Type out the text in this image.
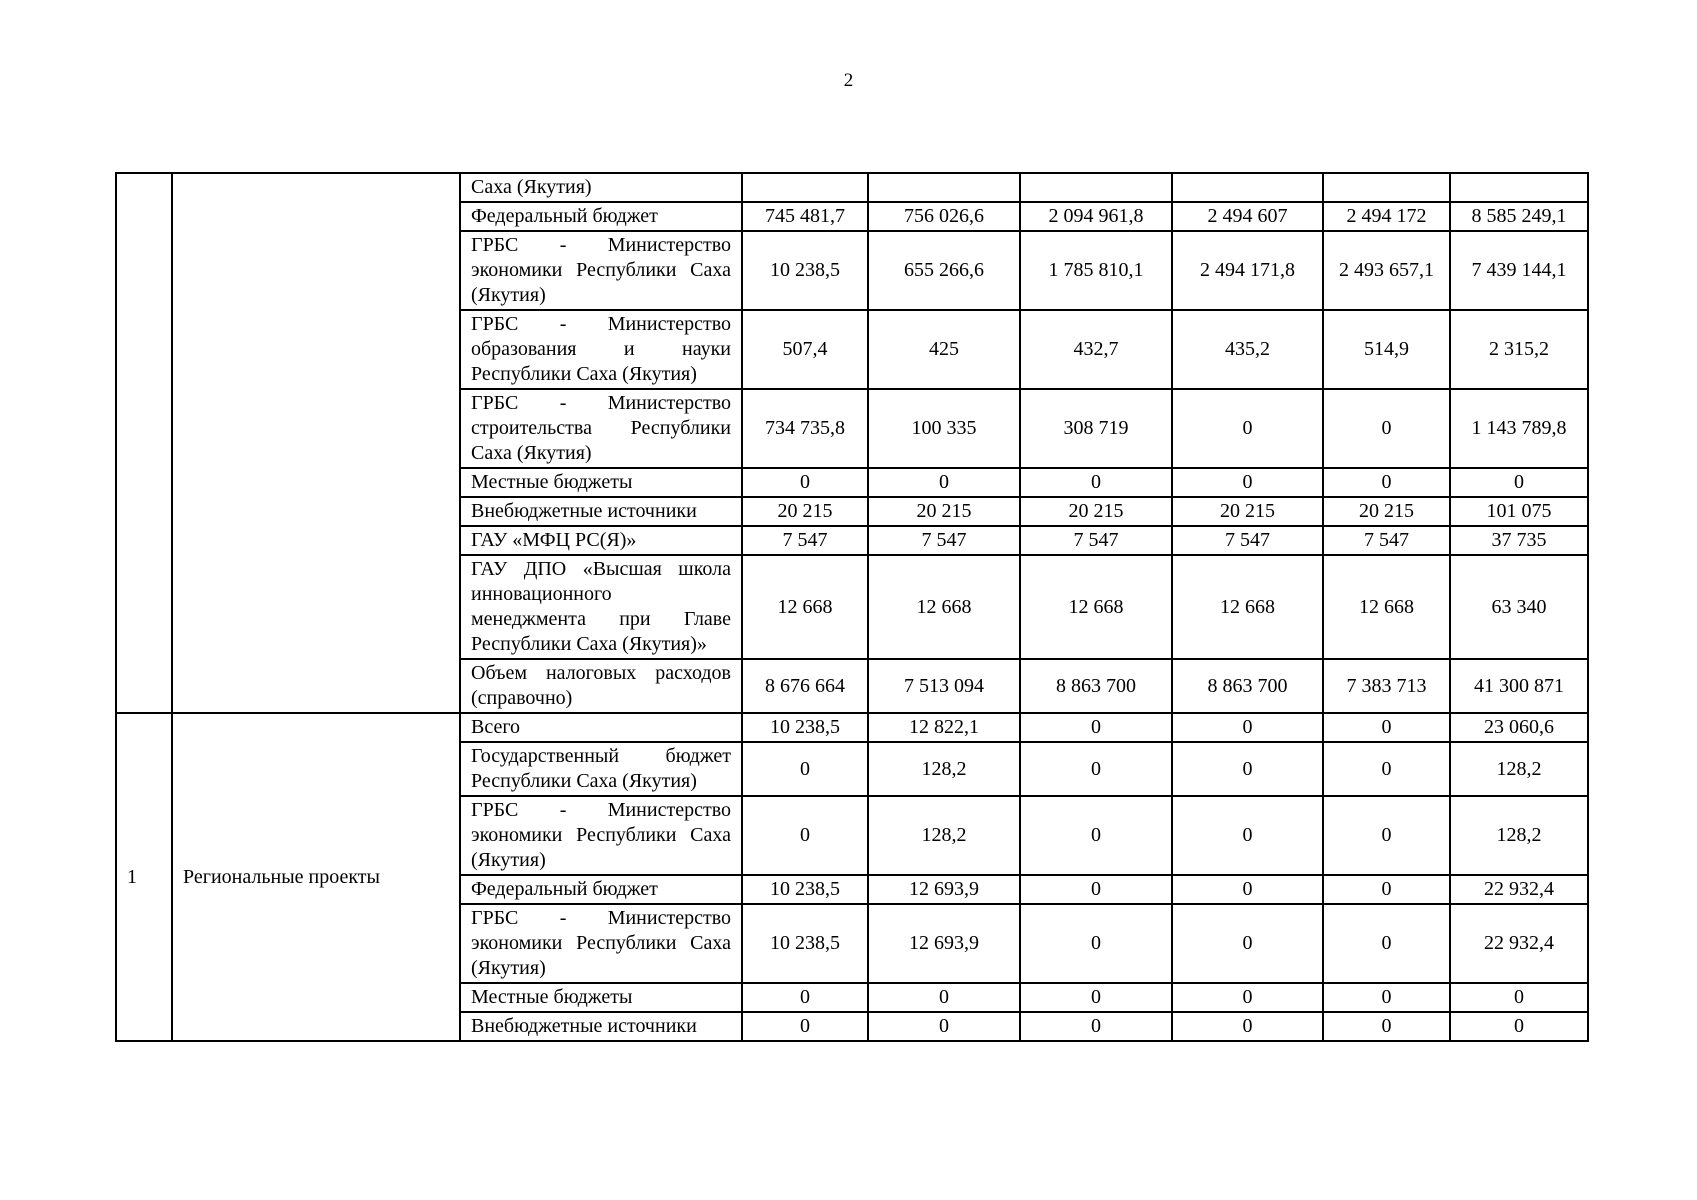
2
		Саха (Якутия)						
		Федеральный бюджет	745 481,7	756 026,6	2 094 961,8	2 494 607	2 494 172	8 585 249,1
		ГРБС - Министерство экономики Республики Саха (Якутия)	10 238,5	655 266,6	1 785 810,1	2 494 171,8	2 493 657,1	7 439 144,1
		ГРБС - Министерство образования и науки Республики Саха (Якутия)	507,4	425	432,7	435,2	514,9	2 315,2
		ГРБС - Министерство строительства Республики Саха (Якутия)	734 735,8	100 335	308 719	0	0	1 143 789,8
		Местные бюджеты	0	0	0	0	0	0
		Внебюджетные источники	20 215	20 215	20 215	20 215	20 215	101 075
		ГАУ «МФЦ РС(Я)»	7 547	7 547	7 547	7 547	7 547	37 735
		ГАУ ДПО «Высшая школа инновационного менеджмента при Главе Республики Саха (Якутия)»	12 668	12 668	12 668	12 668	12 668	63 340
		Объем налоговых расходов (справочно)	8 676 664	7 513 094	8 863 700	8 863 700	7 383 713	41 300 871
1	Региональные проекты	Всего	10 238,5	12 822,1	0	0	0	23 060,6
		Государственный бюджет Республики Саха (Якутия)	0	128,2	0	0	0	128,2
		ГРБС - Министерство экономики Республики Саха (Якутия)	0	128,2	0	0	0	128,2
		Федеральный бюджет	10 238,5	12 693,9	0	0	0	22 932,4
		ГРБС - Министерство экономики Республики Саха (Якутия)	10 238,5	12 693,9	0	0	0	22 932,4
		Местные бюджеты	0	0	0	0	0	0
		Внебюджетные источники	0	0	0	0	0	0
